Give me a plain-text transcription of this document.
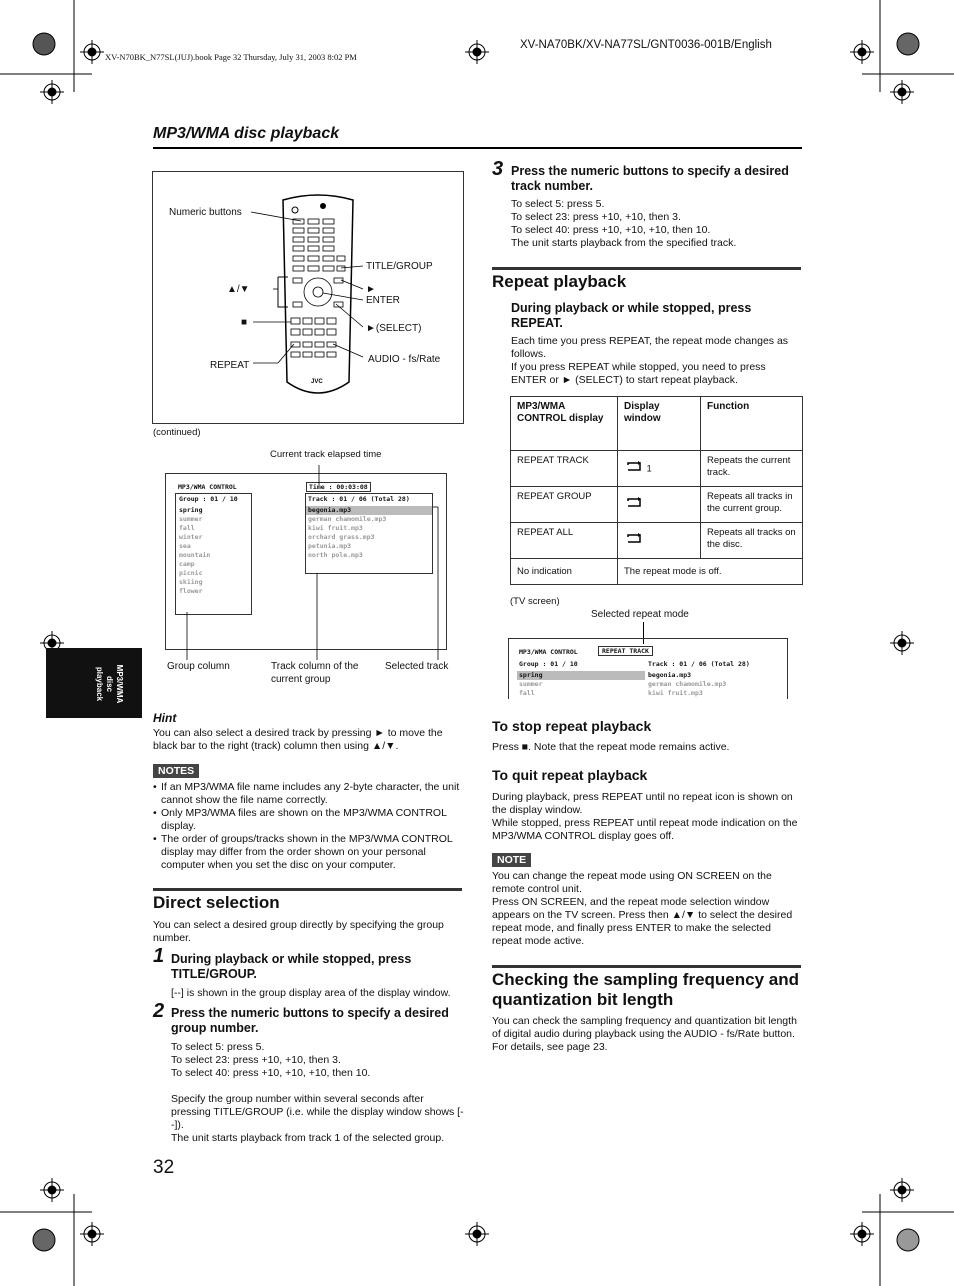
XV-N70BK_N77SL(JUJ).book Page 32 Thursday, July 31, 2003 8:02 PM
XV-NA70BK/XV-NA77SL/GNT0036-001B/English
MP3/WMA disc playback
MP3/WMA
disc
playback
JVC
Numeric buttons
▲/▼
■
REPEAT
TITLE/GROUP
►
ENTER
►(SELECT)
AUDIO - fs/Rate
(continued)
Current track elapsed time
MP3/WMA CONTROL	Time : 00:03:08
Group : 01 / 10
spring
summer
fall
winter
sea
mountain
camp
picnic
skiing
flower
Track : 01 / 06 (Total 28)
begonia.mp3
german chamomile.mp3
kiwi fruit.mp3
orchard grass.mp3
petunia.mp3
north pole.mp3
Group column	Track column of the current group
Selected track
Hint
You can also select a desired track by pressing ► to move the black bar to the right (track) column then using ▲/▼.
NOTES
• If an MP3/WMA file name includes any 2-byte character, the unit cannot show the file name correctly.
• Only MP3/WMA files are shown on the MP3/WMA CONTROL display.
• The order of groups/tracks shown in the MP3/WMA CONTROL display may differ from the order shown on your personal computer when you set the disc on your computer.
Direct selection
You can select a desired group directly by specifying the group number.
1 During playback or while stopped, press TITLE/GROUP.
[--] is shown in the group display area of the display window.
2 Press the numeric buttons to specify a desired group number.
To select 5: press 5.
To select 23: press +10, +10, then 3.
To select 40: press +10, +10, +10, then 10.
Specify the group number within several seconds after pressing TITLE/GROUP (i.e. while the display window shows [--]).
The unit starts playback from track 1 of the selected group.
3 Press the numeric buttons to specify a desired track number.
To select 5: press 5.
To select 23: press +10, +10, then 3.
To select 40: press +10, +10, +10, then 10.
The unit starts playback from the specified track.
Repeat playback
During playback or while stopped, press REPEAT.
Each time you press REPEAT, the repeat mode changes as follows.
If you press REPEAT while stopped, you need to press ENTER or ► (SELECT) to start repeat playback.
MP3/WMA CONTROL display	Display window	Function
REPEAT TRACK	1	Repeats the current track.
REPEAT GROUP		Repeats all tracks in the current group.
REPEAT ALL		Repeats all tracks on the disc.
No indication	The repeat mode is off.	
(TV screen)
Selected repeat mode
MP3/WMA CONTROL	REPEAT TRACK
Group : 01 / 10	Track : 01 / 06 (Total 28)
spring
summer
fall
begonia.mp3
german chamomile.mp3
kiwi fruit.mp3
To stop repeat playback
Press ■. Note that the repeat mode remains active.
To quit repeat playback
During playback, press REPEAT until no repeat icon is shown on the display window.
While stopped, press REPEAT until repeat mode indication on the MP3/WMA CONTROL display goes off.
NOTE
You can change the repeat mode using ON SCREEN on the remote control unit.
Press ON SCREEN, and the repeat mode selection window appears on the TV screen. Press then ▲/▼ to select the desired repeat mode, and finally press ENTER to make the selected repeat mode active.
Checking the sampling frequency and
quantization bit length
You can check the sampling frequency and quantization bit length of digital audio during playback using the AUDIO - fs/Rate button.
For details, see page 23.
32
